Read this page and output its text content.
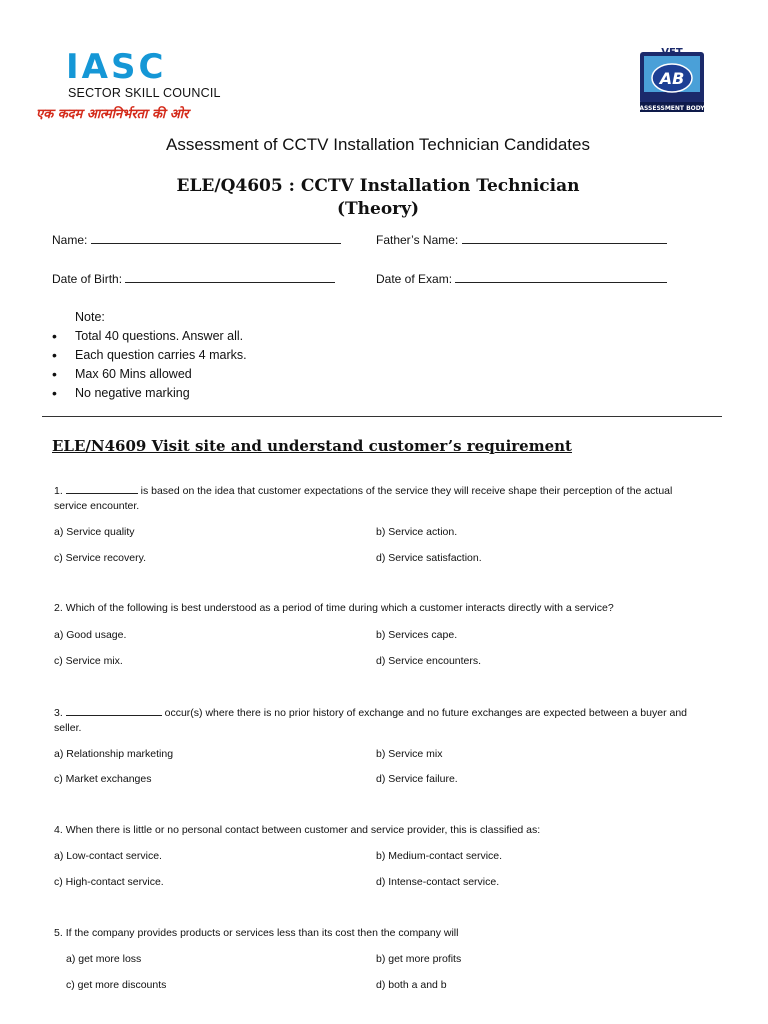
IASC
SECTOR SKILL COUNCIL
एक कदम आत्मनिर्भरता की ओर
AB
VET
ASSESSMENT BODY
Assessment of CCTV Installation Technician Candidates
ELE/Q4605 : CCTV Installation Technician
(Theory)
Name:	Father’s Name:
Date of Birth:	Date of Exam:
Note:
• Total 40 questions. Answer all.
• Each question carries 4 marks.
• Max 60 Mins allowed
• No negative marking
ELE/N4609 Visit site and understand customer’s requirement
1.	is based on the idea that customer expectations of the service they will receive shape their perception of the actual service encounter.
a) Service quality	b) Service action.
c) Service recovery.	d) Service satisfaction.
2. Which of the following is best understood as a period of time during which a customer interacts directly with a service?
a) Good usage.	b) Services cape.
c) Service mix.	d) Service encounters.
3.	occur(s) where there is no prior history of exchange and no future exchanges are expected between a buyer and seller.
a) Relationship marketing	b) Service mix
c) Market exchanges	d) Service failure.
4. When there is little or no personal contact between customer and service provider, this is classified as:
a) Low-contact service.	b) Medium-contact service.
c) High-contact service.	d) Intense-contact service.
5. If the company provides products or services less than its cost then the company will
a) get more loss	b) get more profits
c) get more discounts	d) both a and b
